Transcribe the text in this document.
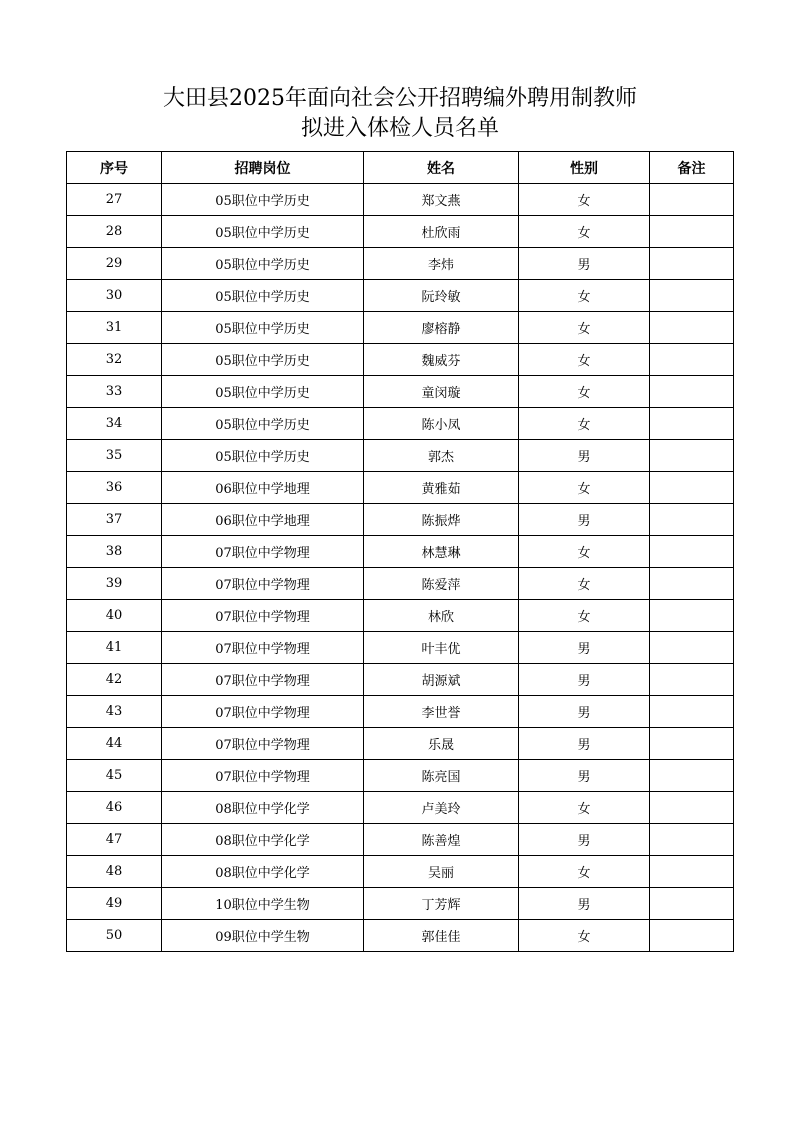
大田县2025年面向社会公开招聘编外聘用制教师

拟进入体检人员名单

序号	招聘岗位	姓名	性别	备注
27	05职位中学历史	郑文燕	女	
28	05职位中学历史	杜欣雨	女	
29	05职位中学历史	李炜	男	
30	05职位中学历史	阮玲敏	女	
31	05职位中学历史	廖榕静	女	
32	05职位中学历史	魏威芬	女	
33	05职位中学历史	童闵璇	女	
34	05职位中学历史	陈小凤	女	
35	05职位中学历史	郭杰	男	
36	06职位中学地理	黄雅茹	女	
37	06职位中学地理	陈振烨	男	
38	07职位中学物理	林慧琳	女	
39	07职位中学物理	陈爱萍	女	
40	07职位中学物理	林欣	女	
41	07职位中学物理	叶丰优	男	
42	07职位中学物理	胡源斌	男	
43	07职位中学物理	李世誉	男	
44	07职位中学物理	乐晟	男	
45	07职位中学物理	陈亮国	男	
46	08职位中学化学	卢美玲	女	
47	08职位中学化学	陈善煌	男	
48	08职位中学化学	吴丽	女	
49	10职位中学生物	丁芳辉	男	
50	09职位中学生物	郭佳佳	女	
